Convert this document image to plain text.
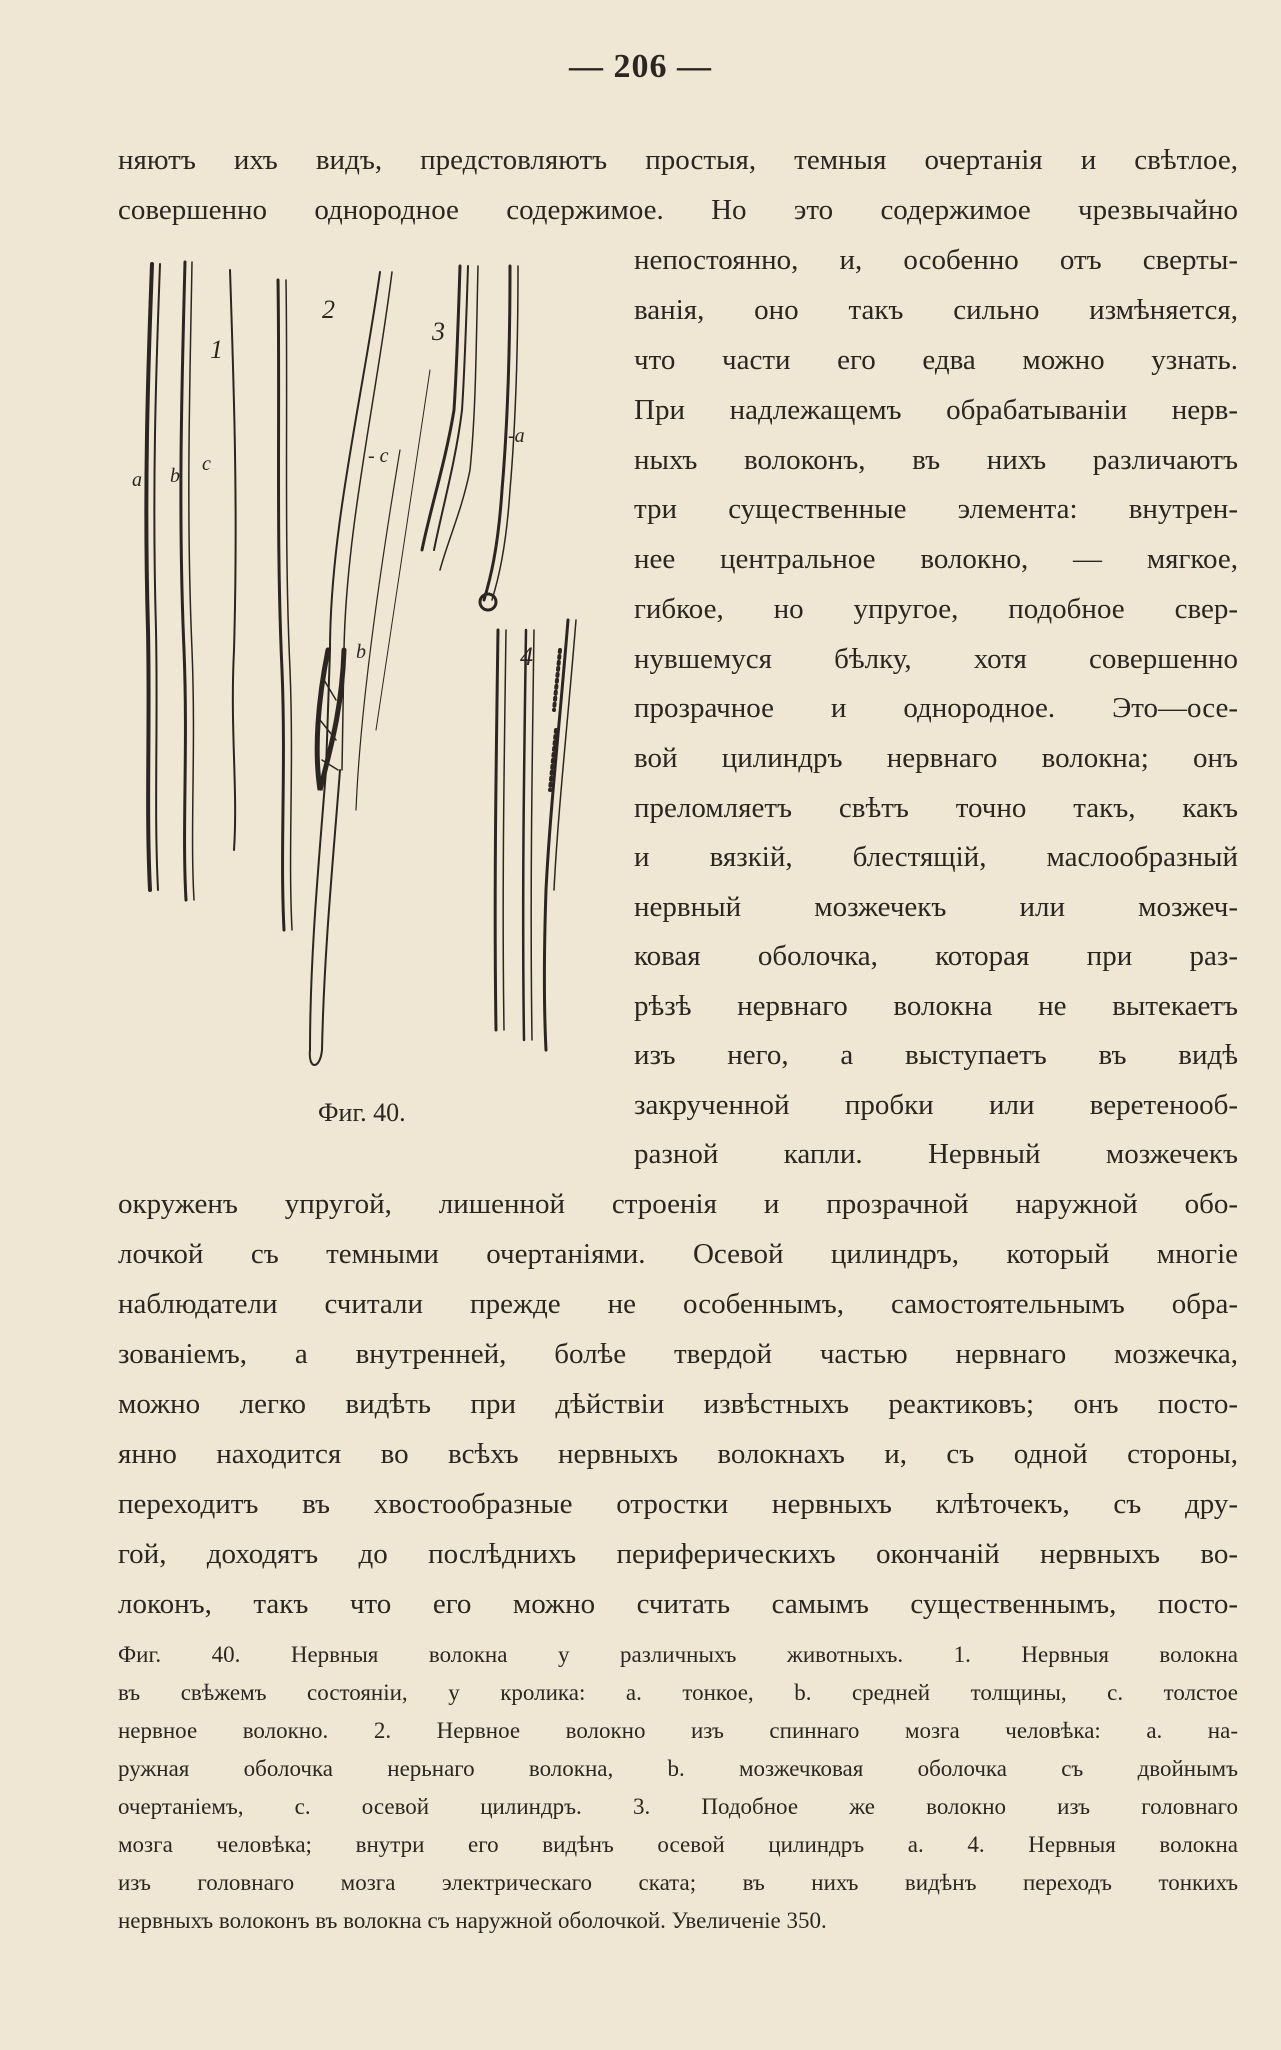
— 206 —
няютъ ихъ видъ, предстовляютъ простыя, темныя очертанія и свѣтлое,
совершенно однородное содержимое. Но это содержимое чрезвычайно
непостоянно, и, особенно отъ сверты-
ванія, оно такъ сильно измѣняется,
что части его едва можно узнать.
При надлежащемъ обрабатываніи нерв-
ныхъ волоконъ, въ нихъ различаютъ
три существенные элемента: внутрен-
нее центральное волокно, — мягкое,
гибкое, но упругое, подобное свер-
нувшемуся бѣлку, хотя совершенно
прозрачное и однородное. Это—осе-
вой цилиндръ нервнаго волокна; онъ
преломляетъ свѣтъ точно такъ, какъ
и вязкій, блестящій, маслообразный
нервный мозжечекъ или мозжеч-
ковая оболочка, которая при раз-
рѣзѣ нервнаго волокна не вытекаетъ
изъ него, а выступаетъ въ видѣ
закрученной пробки или веретенооб-
разной капли. Нервный мозжечекъ
окруженъ упругой, лишенной строенія и прозрачной наружной обо-
лочкой съ темными очертаніями. Осевой цилиндръ, который многіе
наблюдатели считали прежде не особеннымъ, самостоятельнымъ обра-
зованіемъ, а внутренней, болѣе твердой частью нервнаго мозжечка,
можно легко видѣть при дѣйствіи извѣстныхъ реактиковъ; онъ посто-
янно находится во всѣхъ нервныхъ волокнахъ и, съ одной стороны,
переходитъ въ хвостообразные отростки нервныхъ клѣточекъ, съ дру-
гой, доходятъ до послѣднихъ периферическихъ окончаній нервныхъ во-
локонъ, такъ что его можно считать самымъ существеннымъ, посто-
1
2
3
4
a b
c	- c
-a
b
Фиг. 40.
Фиг. 40. Нервныя волокна у различныхъ животныхъ. 1. Нервныя волокна
въ свѣжемъ состояніи, у кролика: a. тонкое, b. средней толщины, c. толстое
нервное волокно. 2. Нервное волокно изъ спиннаго мозга человѣка: a. на-
ружная оболочка нерьнаго волокна, b. мозжечковая оболочка съ двойнымъ
очертаніемъ, c. осевой цилиндръ. 3. Подобное же волокно изъ головнаго
мозга человѣка; внутри его видѣнъ осевой цилиндръ a. 4. Нервныя волокна
изъ головнаго мозга электрическаго ската; въ нихъ видѣнъ переходъ тонкихъ
нервныхъ волоконъ въ волокна съ наружной оболочкой. Увеличеніе 350.
